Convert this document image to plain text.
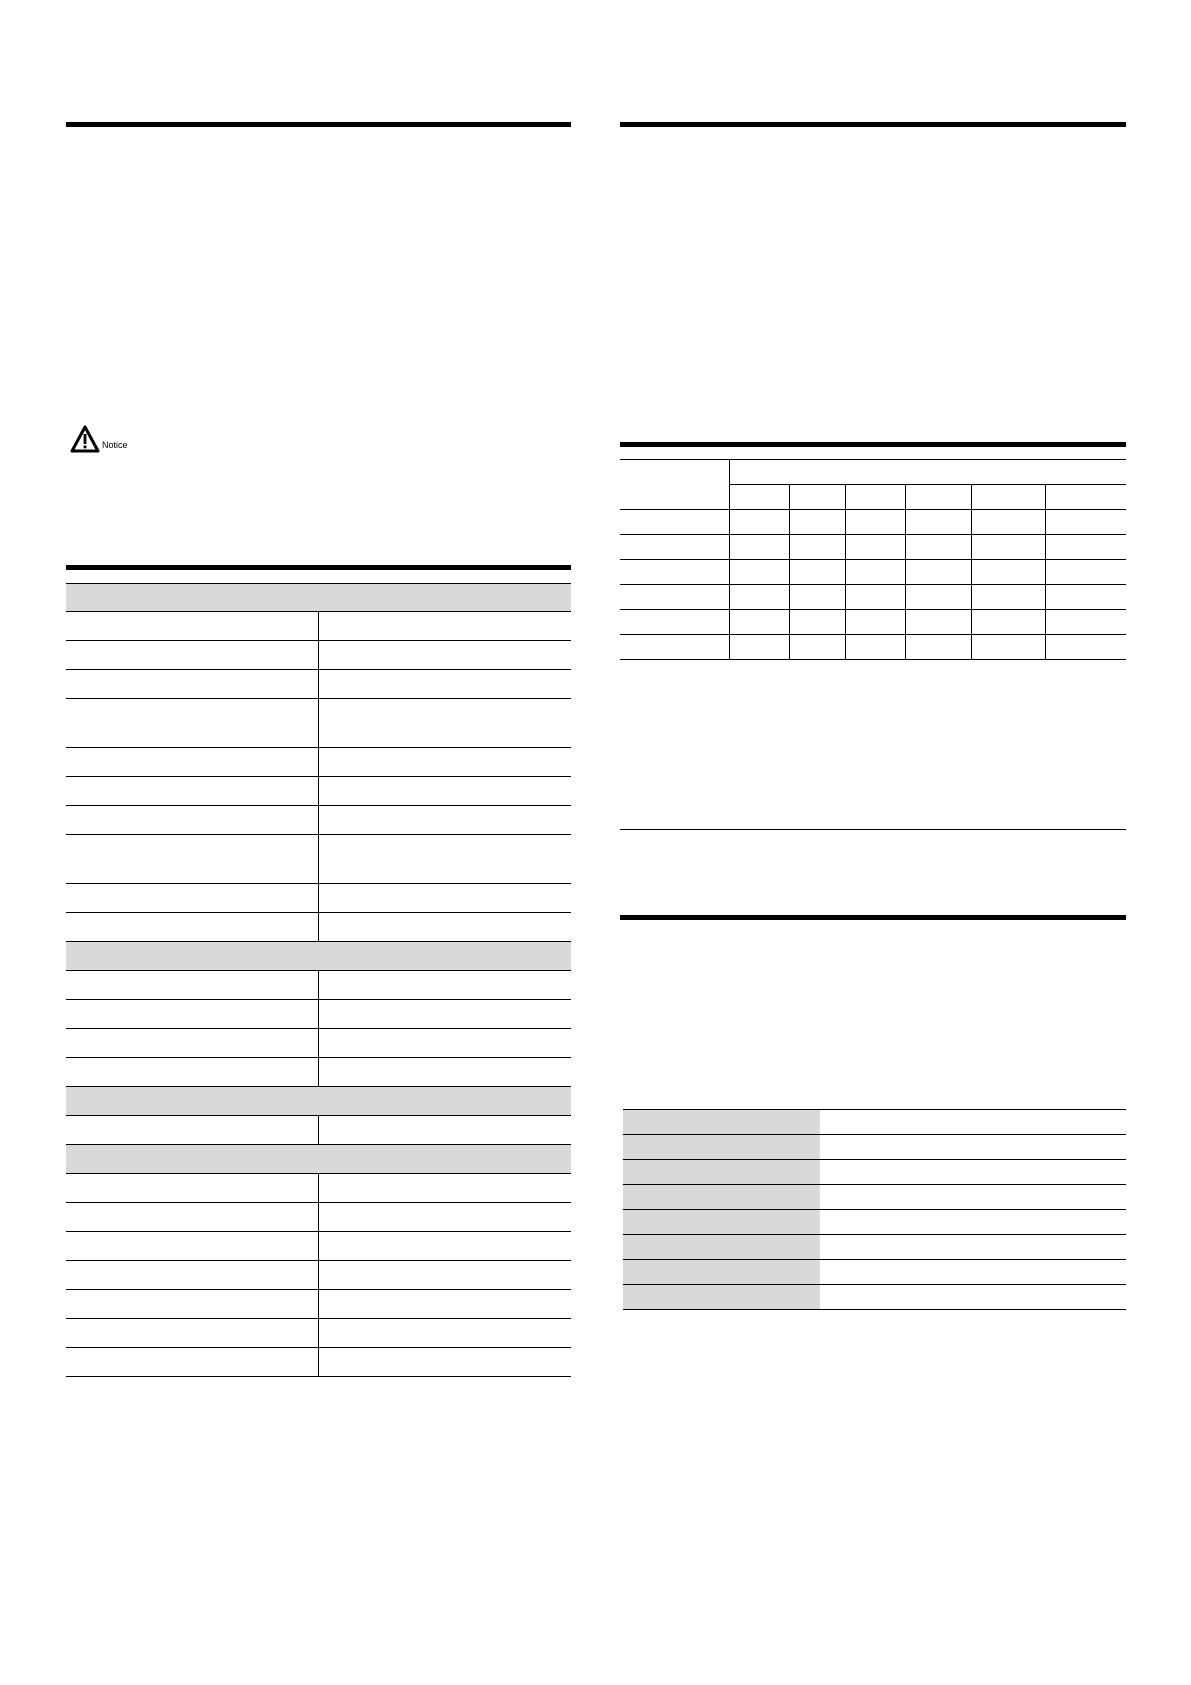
Notice
